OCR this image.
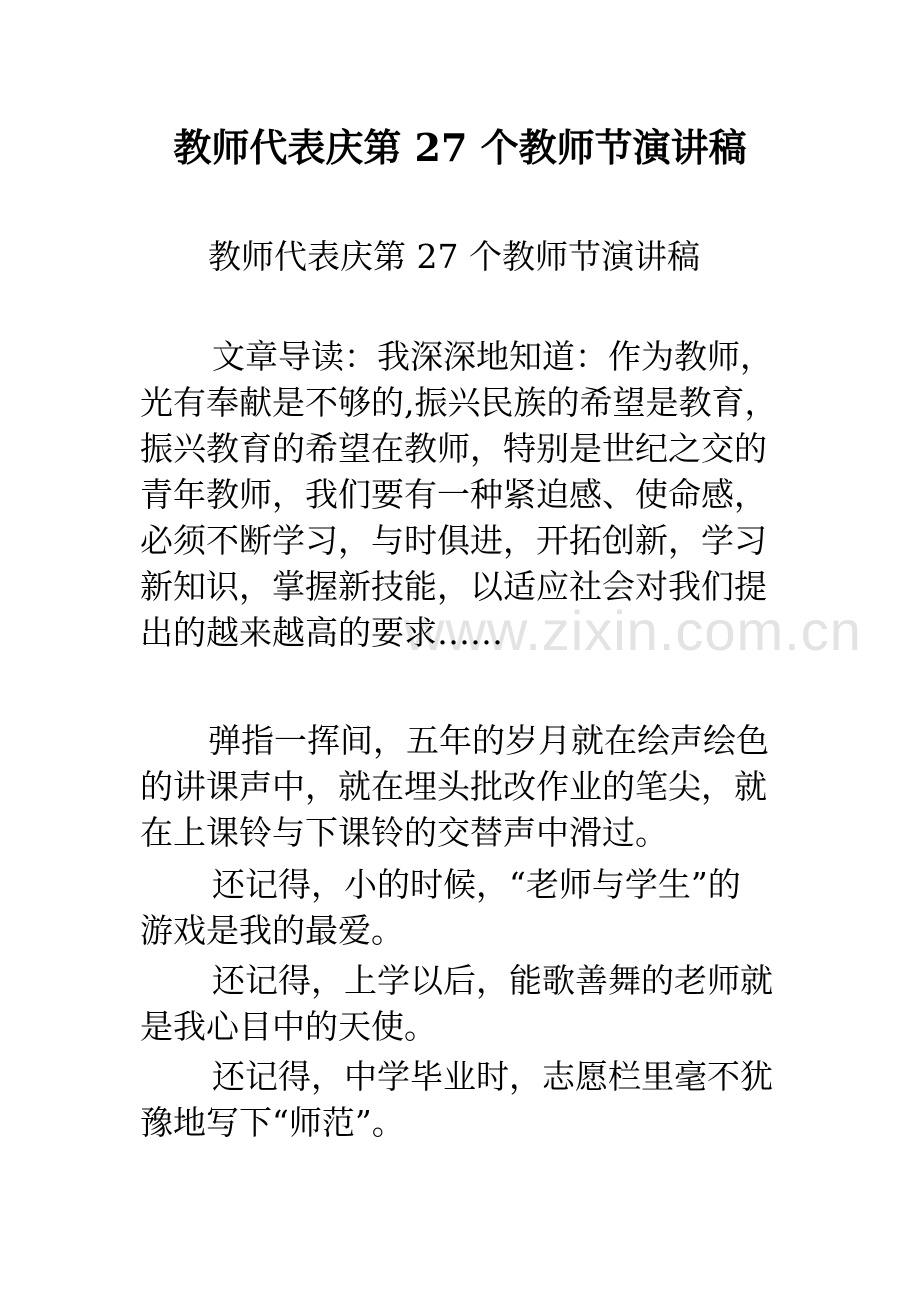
www.zixin.com.cn
教师代表庆第 27 个教师节演讲稿

教师代表庆第 27 个教师节演讲稿

文章导读：我深深地知道：作为教师，
光有奉献是不够的,振兴民族的希望是教育，
振兴教育的希望在教师，特别是世纪之交的
青年教师，我们要有一种紧迫感、使命感，
必须不断学习，与时俱进，开拓创新，学习
新知识，掌握新技能，以适应社会对我们提
出的越来越高的要求……
弹指一挥间，五年的岁月就在绘声绘色
的讲课声中，就在埋头批改作业的笔尖，就
在上课铃与下课铃的交替声中滑过。
还记得，小的时候，“老师与学生”的
游戏是我的最爱。
还记得，上学以后，能歌善舞的老师就
是我心目中的天使。
还记得，中学毕业时，志愿栏里毫不犹
豫地写下“师范”。
